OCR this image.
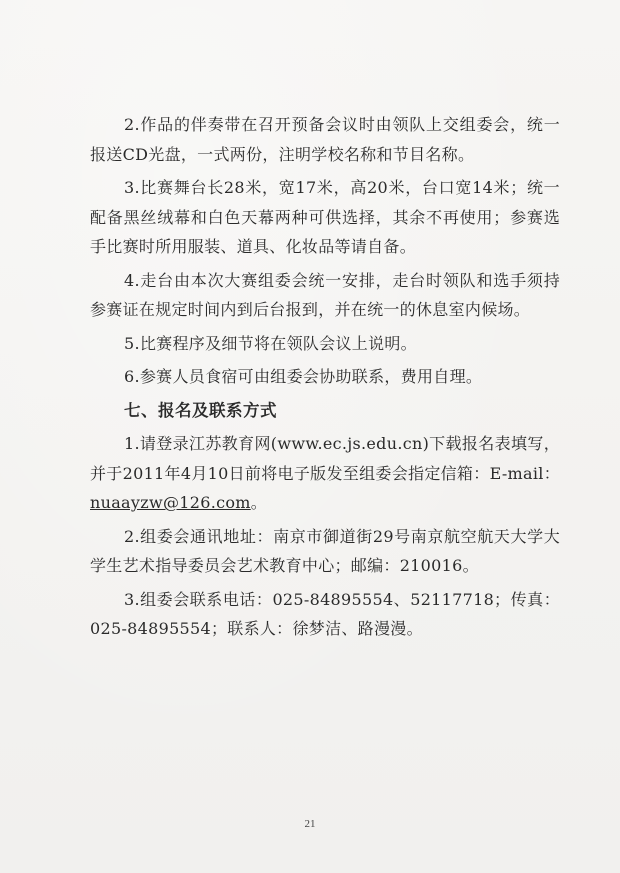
2.作品的伴奏带在召开预备会议时由领队上交组委会，统一报送CD光盘，一式两份，注明学校名称和节目名称。

3.比赛舞台长28米，宽17米，高20米，台口宽14米；统一配备黑丝绒幕和白色天幕两种可供选择，其余不再使用；参赛选手比赛时所用服装、道具、化妆品等请自备。

4.走台由本次大赛组委会统一安排，走台时领队和选手须持参赛证在规定时间内到后台报到，并在统一的休息室内候场。

5.比赛程序及细节将在领队会议上说明。

6.参赛人员食宿可由组委会协助联系，费用自理。

七、报名及联系方式

1.请登录江苏教育网(www.ec.js.edu.cn)下载报名表填写，并于2011年4月10日前将电子版发至组委会指定信箱：E-mail：nuaayzw@126.com。

2.组委会通讯地址：南京市御道街29号南京航空航天大学大学生艺术指导委员会艺术教育中心；邮编：210016。

3.组委会联系电话：025-84895554、52117718；传真：025-84895554；联系人：徐梦洁、路漫漫。

21
